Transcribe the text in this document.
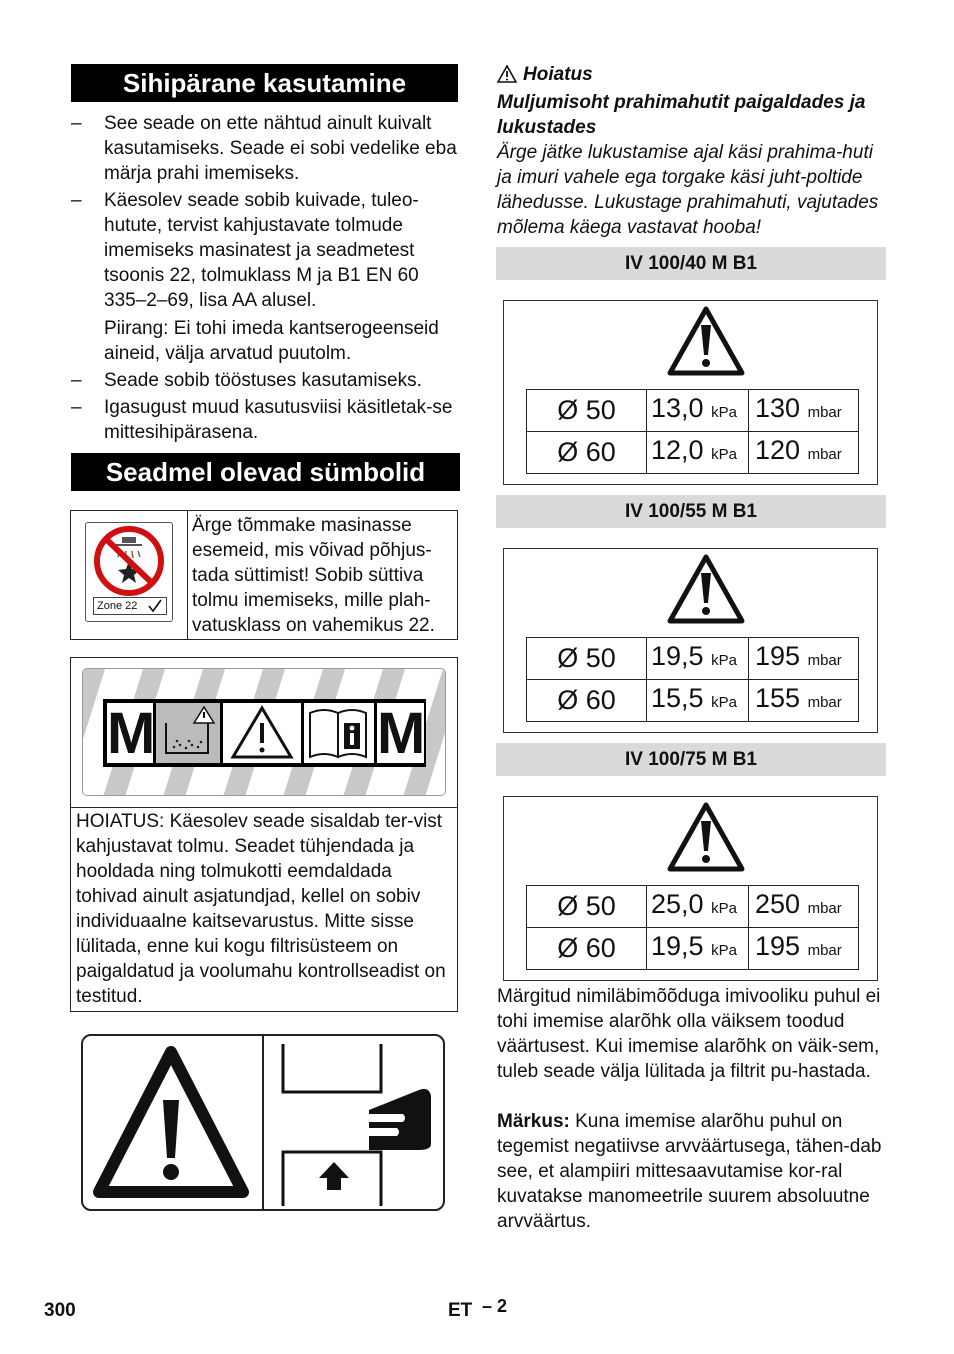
Sihipärane kasutamine
– See seade on ette nähtud ainult kuivalt kasutamiseks. Seade ei sobi vedelike eba märja prahi imemiseks.
– Käesolev seade sobib kuivade, tuleo-hututе, tervist kahjustavate tolmude imemiseks masinatest ja seadmetest tsoonis 22, tolmuklass M ja B1 EN 60 335–2–69, lisa AA alusel.
Piirang: Ei tohi imeda kantserogeenseid aineid, välja arvatud puutolm.
– Seade sobib tööstuses kasutamiseks.
– Igasugust muud kasutusviisi käsitletak-se mittesihipärasena.
Seadmel olevad sümbolid
Zone 22
Ärge tõmmake masinasse esemeid, mis võivad põhjus-tada süttimist! Sobib süttiva tolmu imemiseks, mille plah-vatusklass on vahemikus 22.
M	M
HOIATUS: Käesolev seade sisaldab ter-vist kahjustavat tolmu. Seadet tühjendada ja hooldada ning tolmukotti eemdaldada tohivad ainult asjatundjad, kellel on sobiv individuaalne kaitsevarustus. Mitte sisse lülitada, enne kui kogu filtrisüsteem on paigaldatud ja voolumahu kontrollseadist on testitud.
Hoiatus
Muljumisoht prahimahutit paigaldades ja lukustades
Ärge jätke lukustamise ajal käsi prahima-huti ja imuri vahele ega torgake käsi juht-poltide lähedusse. Lukustage prahimahuti, vajutades mõlema käega vastavat hooba!
IV 100/40 M B1
Ø 50	13,0 kPa	130 mbar
Ø 60	12,0 kPa	120 mbar
IV 100/55 M B1
Ø 50	19,5 kPa	195 mbar
Ø 60	15,5 kPa	155 mbar
IV 100/75 M B1
Ø 50	25,0 kPa	250 mbar
Ø 60	19,5 kPa	195 mbar
Märgitud nimiläbimõõduga imivooliku puhul ei tohi imemise alarõhk olla väiksem toodud väärtusest. Kui imemise alarõhk on väik-sem, tuleb seade välja lülitada ja filtrit pu-hastada.
Märkus: Kuna imemise alarõhu puhul on tegemist negatiivse arvväärtusega, tähen-dab see, et alampiiri mittesaavutamise kor-ral kuvatakse manomeetrile suurem absoluutne arvväärtus.
300	ET – 2
